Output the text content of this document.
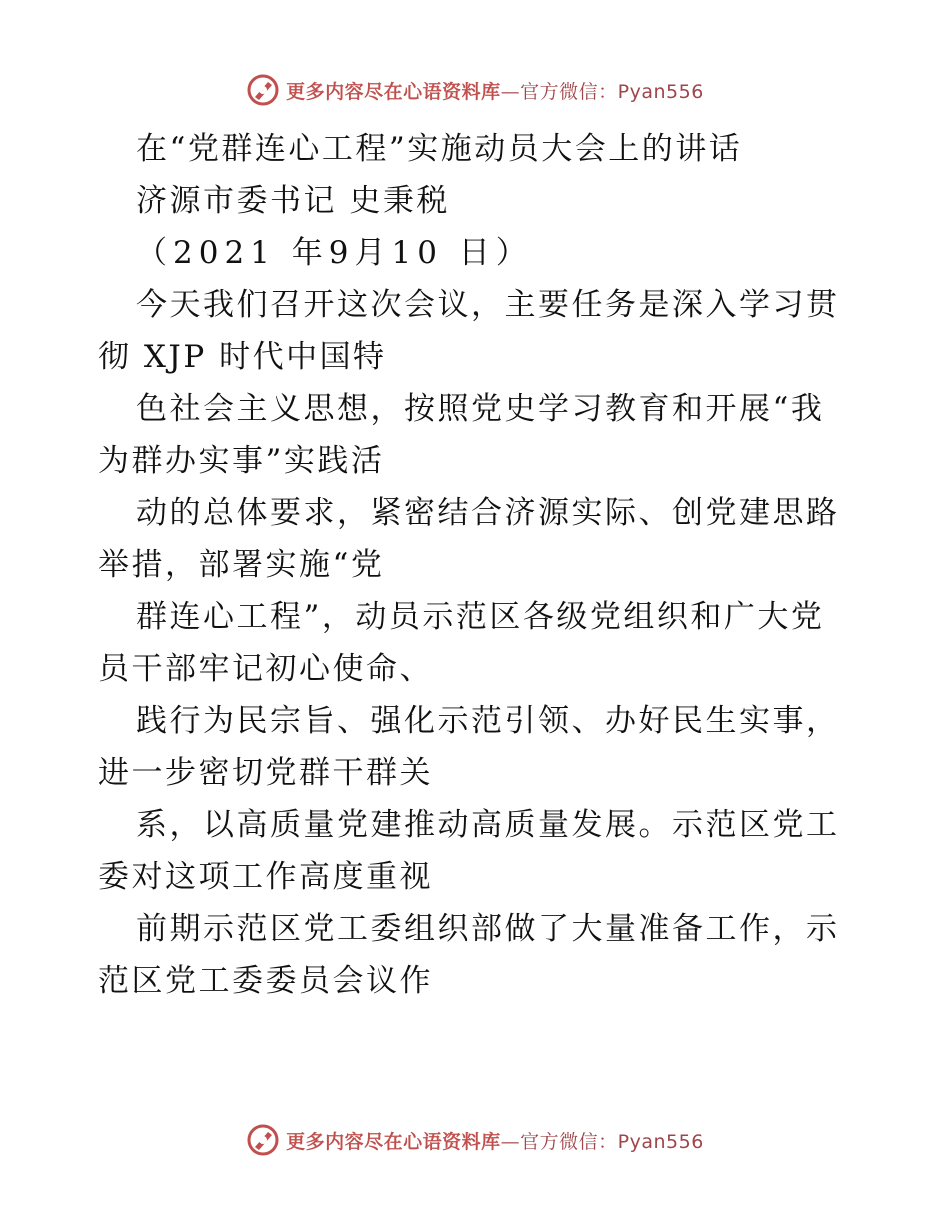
更多内容尽在心语资料库—官方微信：Pyan556
在“党群连心工程”实施动员大会上的讲话
济源市委书记 史秉税
（2021 年9月10 日）
今天我们召开这次会议，主要任务是深入学习贯
彻 XJP 时代中国特
色社会主义思想，按照党史学习教育和开展“我
为群办实事”实践活
动的总体要求，紧密结合济源实际、创党建思路
举措，部署实施“党
群连心工程”，动员示范区各级党组织和广大党
员干部牢记初心使命、
践行为民宗旨、强化示范引领、办好民生实事，
进一步密切党群干群关
系，以高质量党建推动高质量发展。示范区党工
委对这项工作高度重视
前期示范区党工委组织部做了大量准备工作，示
范区党工委委员会议作
更多内容尽在心语资料库—官方微信：Pyan556
